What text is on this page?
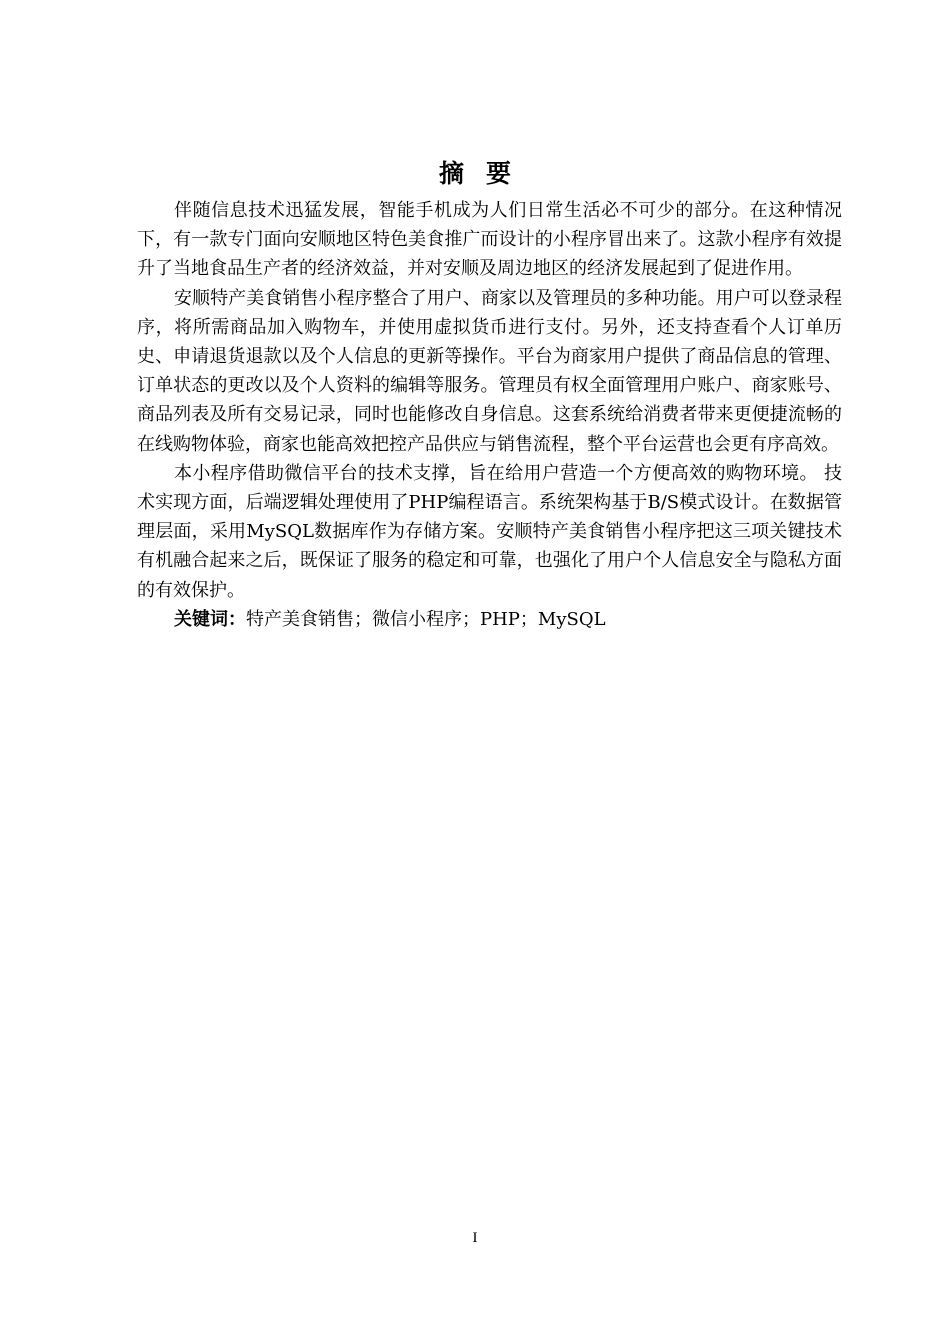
摘要

伴随信息技术迅猛发展，智能手机成为人们日常生活必不可少的部分。在这种情况下，有一款专门面向安顺地区特色美食推广而设计的小程序冒出来了。这款小程序有效提升了当地食品生产者的经济效益，并对安顺及周边地区的经济发展起到了促进作用。

安顺特产美食销售小程序整合了用户、商家以及管理员的多种功能。用户可以登录程序，将所需商品加入购物车，并使用虚拟货币进行支付。另外，还支持查看个人订单历史、申请退货退款以及个人信息的更新等操作。平台为商家用户提供了商品信息的管理、订单状态的更改以及个人资料的编辑等服务。管理员有权全面管理用户账户、商家账号、商品列表及所有交易记录，同时也能修改自身信息。这套系统给消费者带来更便捷流畅的在线购物体验，商家也能高效把控产品供应与销售流程，整个平台运营也会更有序高效。

本小程序借助微信平台的技术支撑，旨在给用户营造一个方便高效的购物环境。 技术实现方面，后端逻辑处理使用了PHP编程语言。系统架构基于B/S模式设计。在数据管理层面，采用MySQL数据库作为存储方案。安顺特产美食销售小程序把这三项关键技术有机融合起来之后，既保证了服务的稳定和可靠，也强化了用户个人信息安全与隐私方面的有效保护。

关键词：特产美食销售；微信小程序；PHP；MySQL

I
